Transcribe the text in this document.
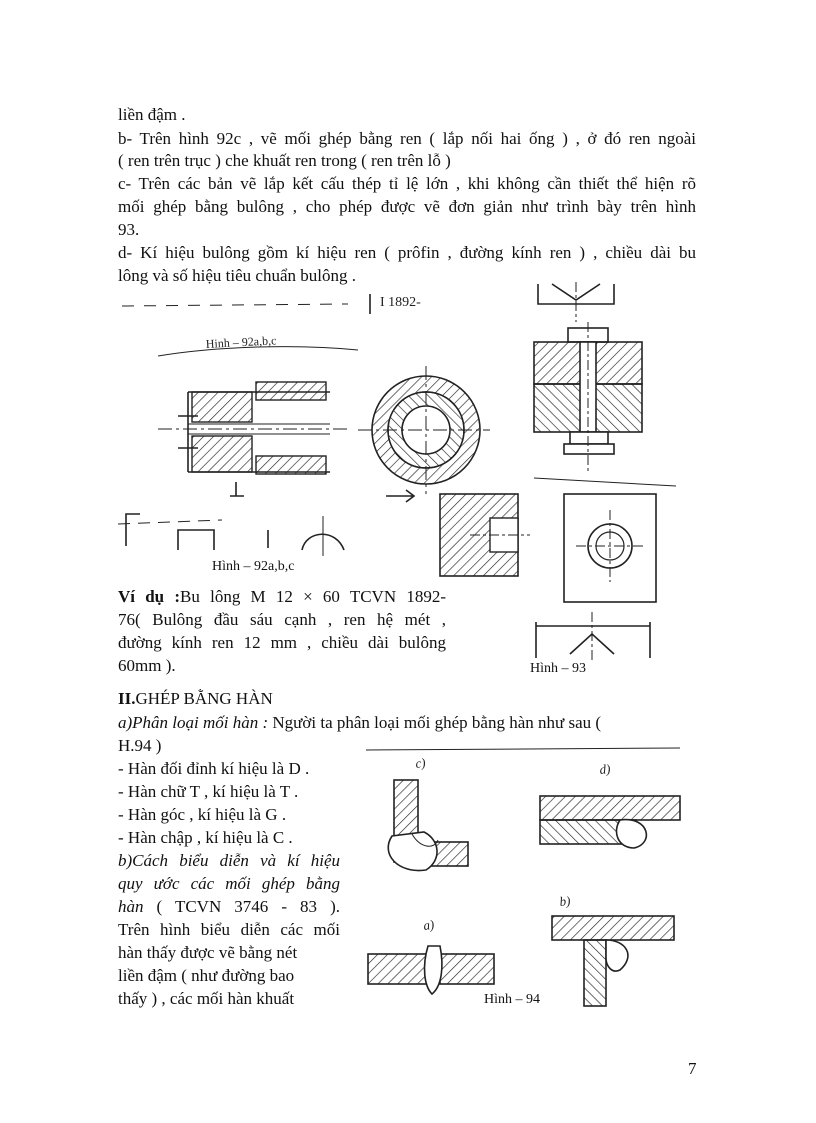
liền đậm .

b- Trên hình 92c , vẽ mối ghép bằng ren ( lắp nối hai ống ) , ở đó ren ngoài

( ren trên trục ) che khuất ren trong ( ren trên lỗ )

c- Trên các bản vẽ lắp kết cấu thép tỉ lệ lớn , khi không cần thiết thể hiện rõ

mối ghép bằng bulông , cho phép được vẽ đơn giản như trình bày trên hình

93.

d- Kí hiệu bulông gồm kí hiệu ren ( prôfin , đường kính ren ) , chiều dài bu

lông và số hiệu tiêu chuẩn bulông .

I 1892-
Hinh – 92a,b,c
Hình – 92a,b,c
Hình – 93

Ví dụ :Bu lông M 12 × 60 TCVN 1892-

76( Bulông đầu sáu cạnh , ren hệ mét ,

đường kính ren 12 mm , chiều dài bulông

60mm ).

II.GHÉP BẰNG HÀN

a)Phân loại mối hàn : Người ta phân loại mối ghép bằng hàn như sau (

H.94 )

- Hàn đối đỉnh kí hiệu là D .

- Hàn chữ T , kí hiệu là T .

- Hàn góc , kí hiệu là G .

- Hàn chập , kí hiệu là C .

b)Cách biểu diễn và kí hiệu

quy ước các mối ghép bằng

hàn ( TCVN 3746 - 83 ).

Trên hình biểu diễn các mối

hàn thấy được vẽ bằng nét

liền đậm ( như đường bao

thấy ) , các mối hàn khuất

c)	d)
a)
b)
Hình – 94
7
